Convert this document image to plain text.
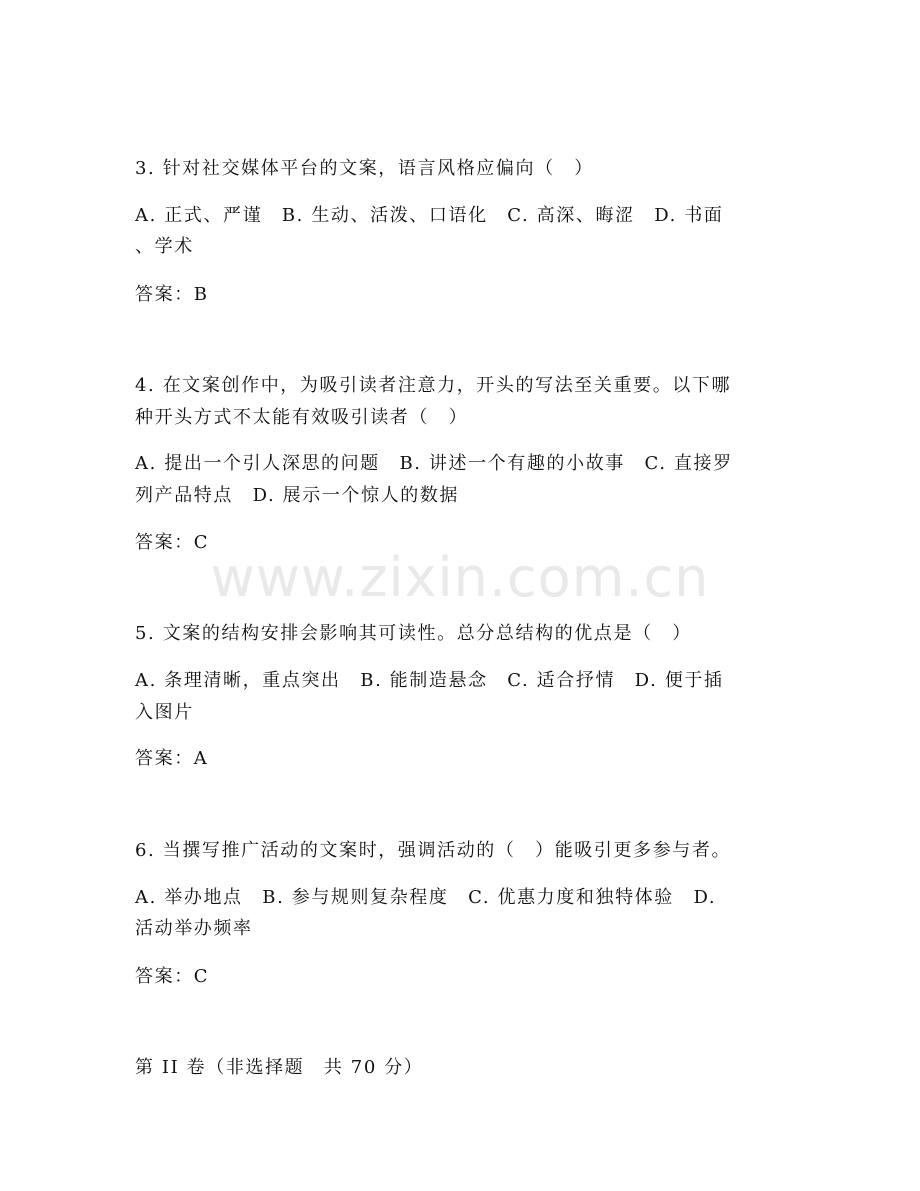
www.zixin.com.cn
3. 针对社交媒体平台的文案，语言风格应偏向（　）
A. 正式、严谨　B. 生动、活泼、口语化　C. 高深、晦涩　D. 书面
、学术
答案：B
4. 在文案创作中，为吸引读者注意力，开头的写法至关重要。以下哪
种开头方式不太能有效吸引读者（　）
A. 提出一个引人深思的问题　B. 讲述一个有趣的小故事　C. 直接罗
列产品特点　D. 展示一个惊人的数据
答案：C
5. 文案的结构安排会影响其可读性。总分总结构的优点是（　）
A. 条理清晰，重点突出　B. 能制造悬念　C. 适合抒情　D. 便于插
入图片
答案：A
6. 当撰写推广活动的文案时，强调活动的（　）能吸引更多参与者。
A. 举办地点　B. 参与规则复杂程度　C. 优惠力度和独特体验　D.
活动举办频率
答案：C
第 II 卷（非选择题　共 70 分）
